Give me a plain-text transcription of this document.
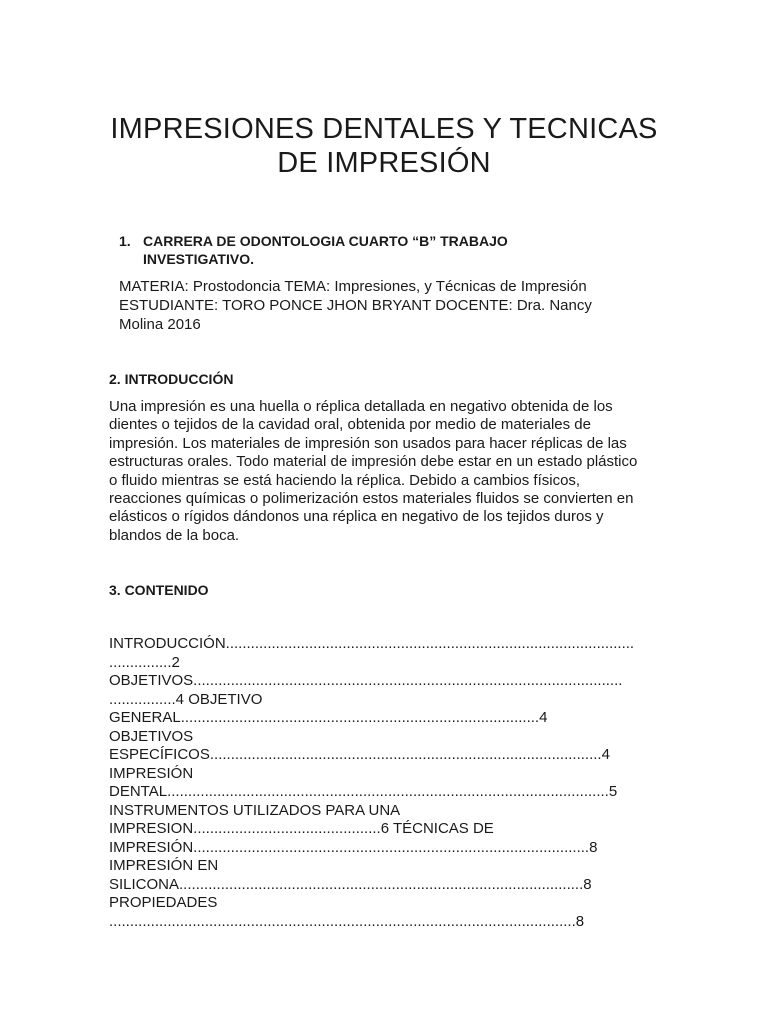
IMPRESIONES DENTALES Y TECNICAS
DE IMPRESIÓN
1. CARRERA DE ODONTOLOGIA CUARTO “B” TRABAJO
INVESTIGATIVO.
MATERIA: Prostodoncia TEMA: Impresiones, y Técnicas de Impresión
ESTUDIANTE: TORO PONCE JHON BRYANT DOCENTE: Dra. Nancy
Molina 2016
2. INTRODUCCIÓN
Una impresión es una huella o réplica detallada en negativo obtenida de los
dientes o tejidos de la cavidad oral, obtenida por medio de materiales de
impresión. Los materiales de impresión son usados para hacer réplicas de las
estructuras orales. Todo material de impresión debe estar en un estado plástico
o fluido mientras se está haciendo la réplica. Debido a cambios físicos,
reacciones químicas o polimerización estos materiales fluidos se convierten en
elásticos o rígidos dándonos una réplica en negativo de los tejidos duros y
blandos de la boca.
3. CONTENIDO
INTRODUCCIÓN..................................................................................................
...............2
OBJETIVOS.......................................................................................................
................4 OBJETIVO
GENERAL......................................................................................4
OBJETIVOS
ESPECÍFICOS..............................................................................................4
IMPRESIÓN
DENTAL..........................................................................................................5
INSTRUMENTOS UTILIZADOS PARA UNA
IMPRESION.............................................6 TÉCNICAS DE
IMPRESIÓN...............................................................................................8
IMPRESIÓN EN
SILICONA.................................................................................................8
PROPIEDADES
................................................................................................................8
